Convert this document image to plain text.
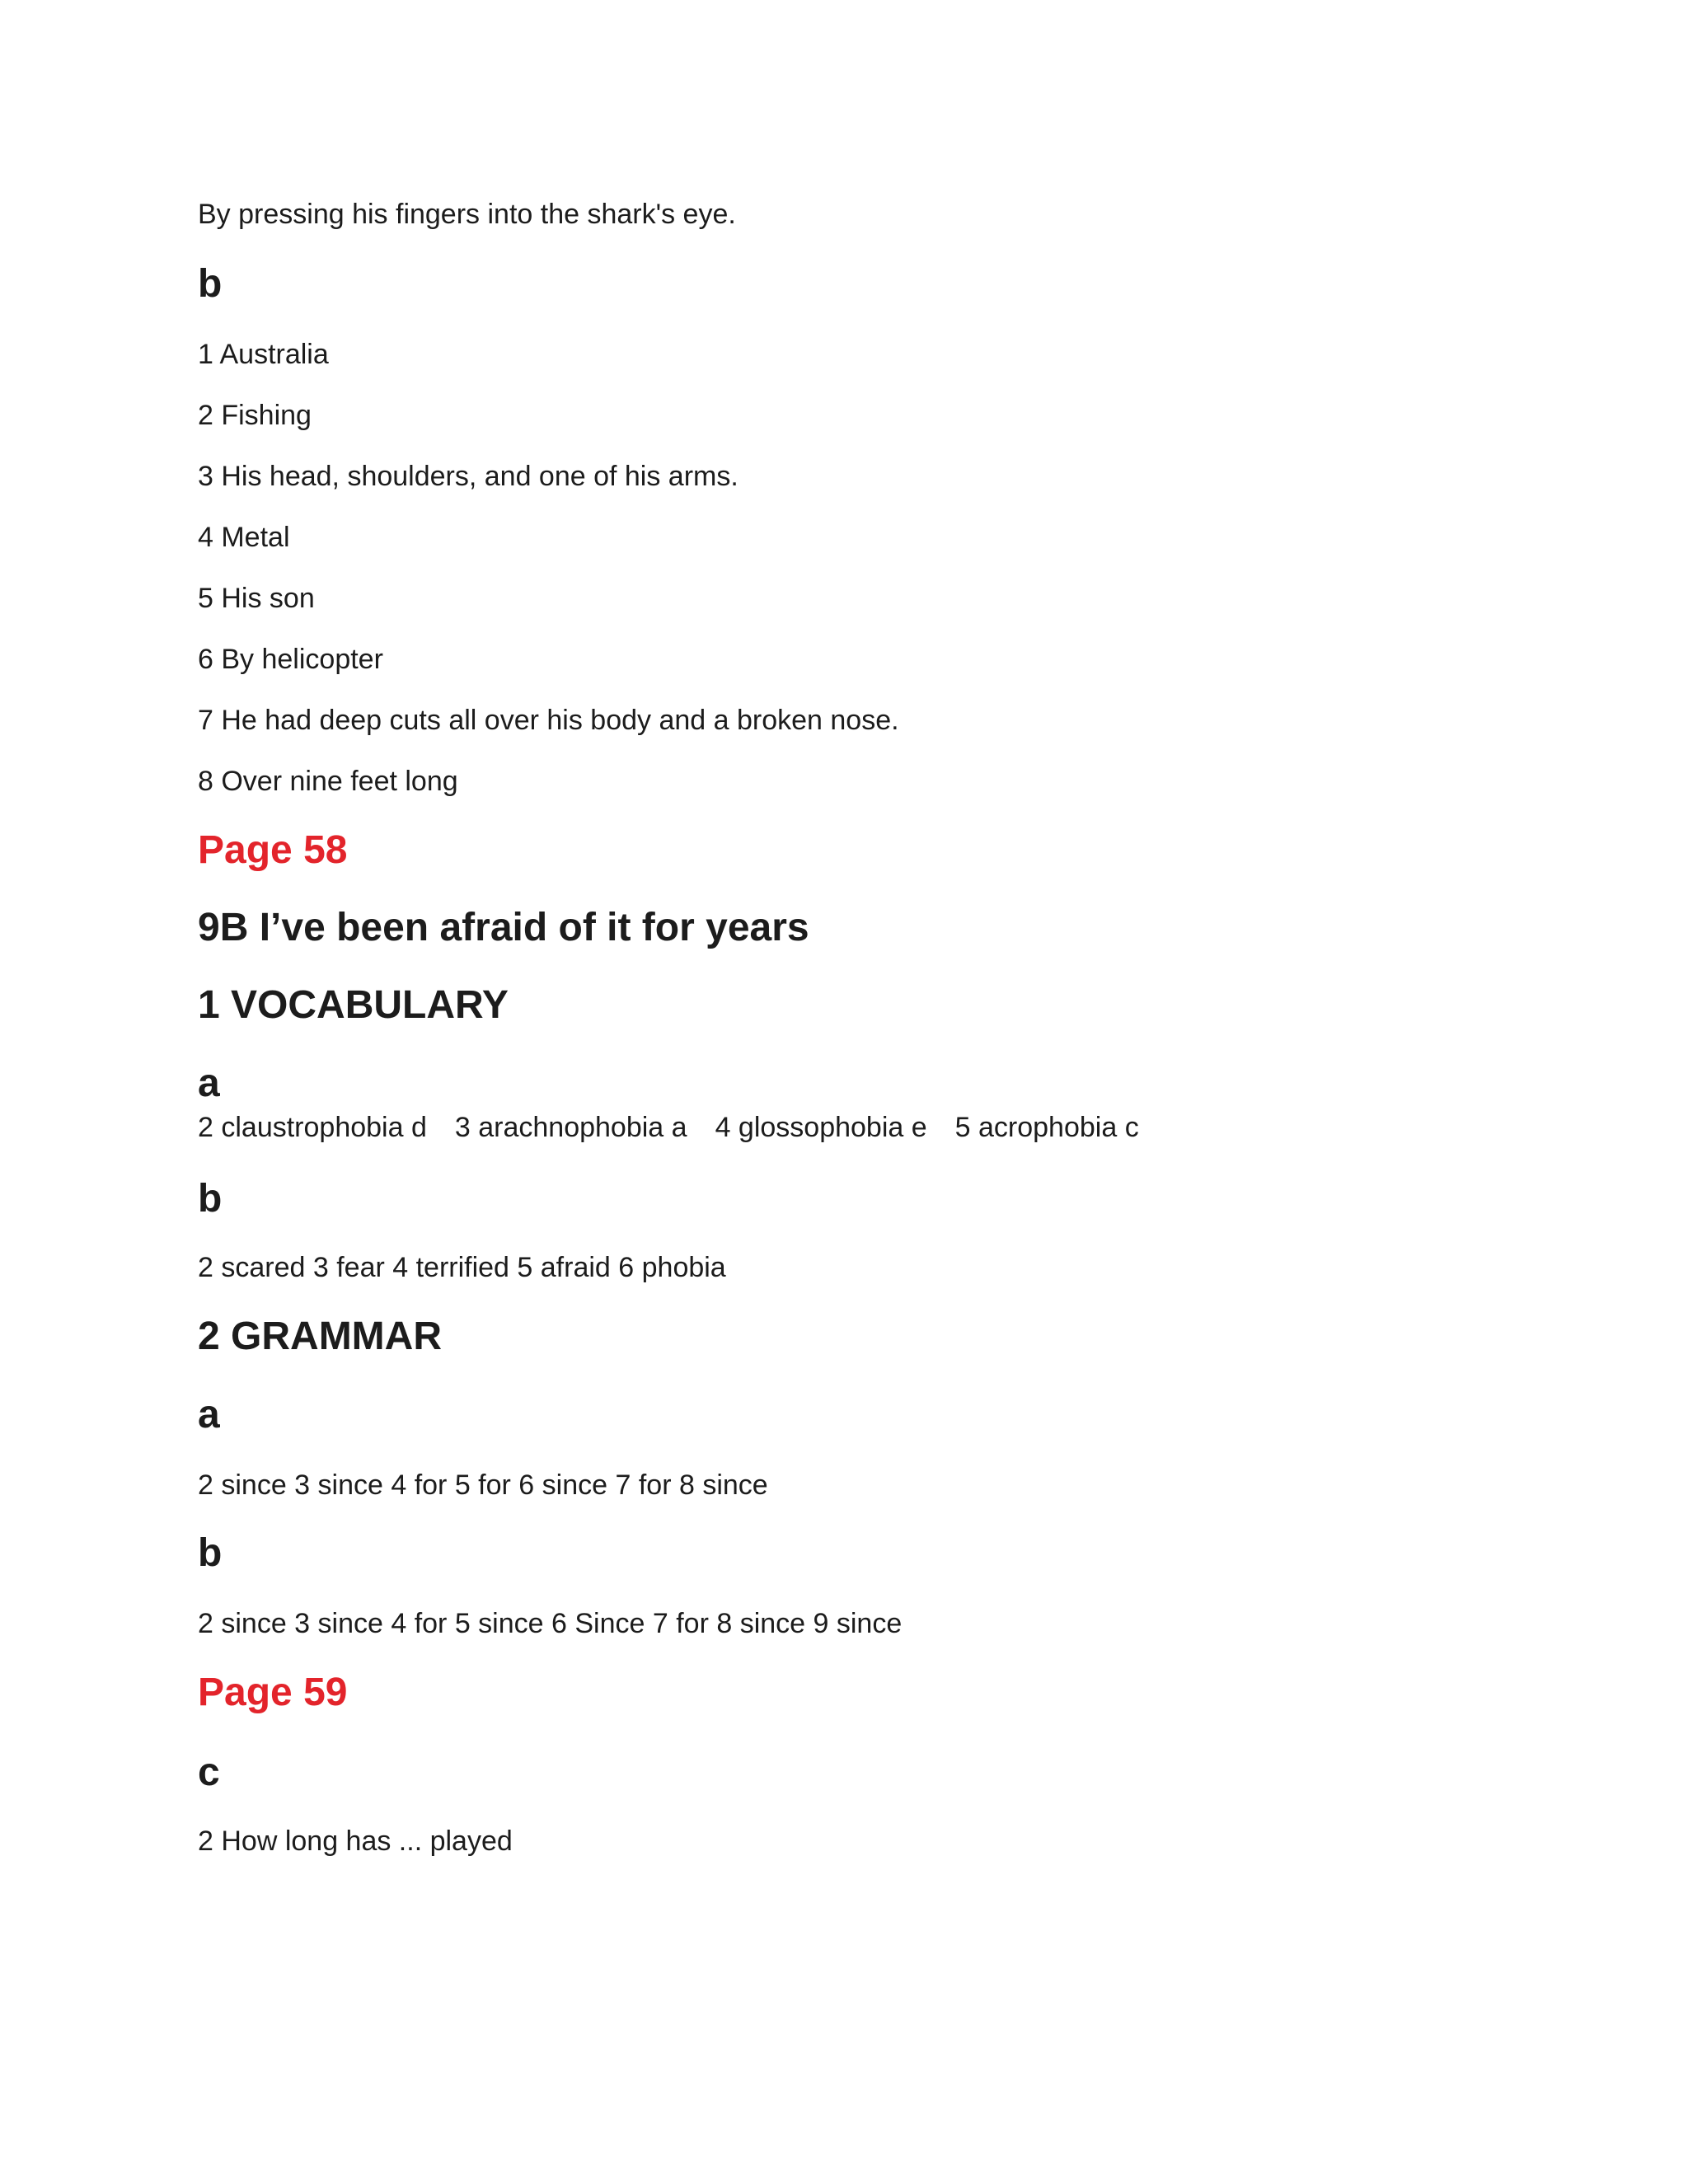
By pressing his fingers into the shark's eye.

b

1 Australia

2 Fishing

3 His head, shoulders, and one of his arms.

4 Metal

5 His son

6 By helicopter

7 He had deep cuts all over his body and a broken nose.

8 Over nine feet long

Page 58
9B I’ve been afraid of it for years
1 VOCABULARY
a

2 claustrophobia d 3 arachnophobia a 4 glossophobia e 5 acrophobia c

b

2 scared 3 fear 4 terrified 5 afraid 6 phobia

2 GRAMMAR
a

2 since 3 since 4 for 5 for 6 since 7 for 8 since

b

2 since 3 since 4 for 5 since 6 Since 7 for 8 since 9 since

Page 59
c

2 How long has ... played
